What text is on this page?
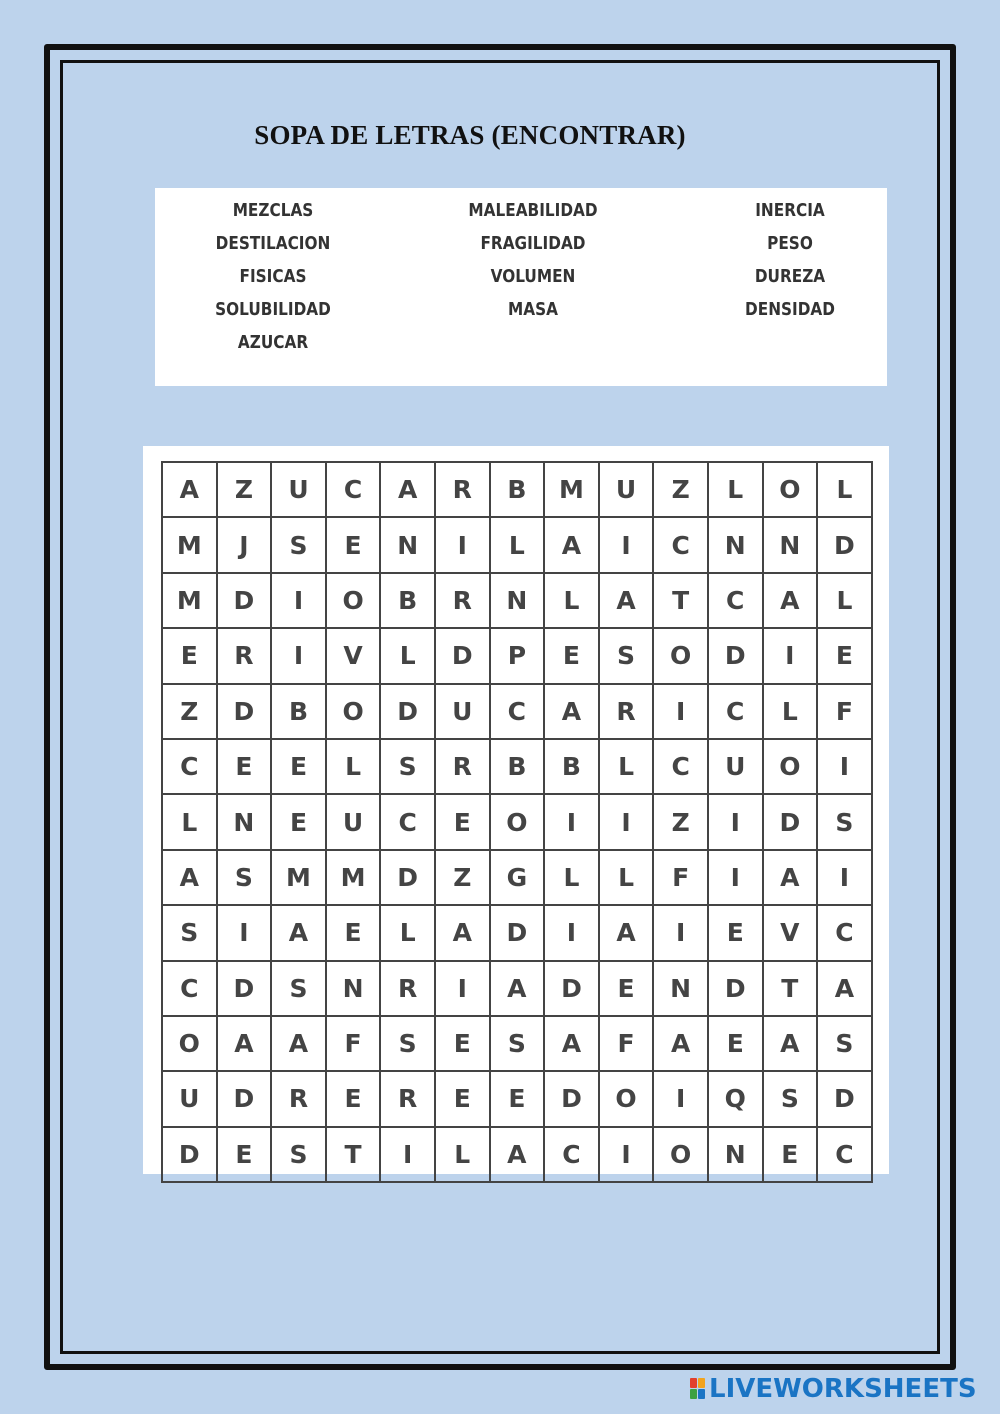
SOPA DE LETRAS (ENCONTRAR)
MEZCLAS
DESTILACION
FISICAS
SOLUBILIDAD
AZUCAR
MALEABILIDAD
FRAGILIDAD
VOLUMEN
MASA
INERCIA
PESO
DUREZA
DENSIDAD
A	Z	U	C	A	R	B	M	U	Z	L	O	L
M	J	S	E	N	I	L	A	I	C	N	N	D
M	D	I	O	B	R	N	L	A	T	C	A	L
E	R	I	V	L	D	P	E	S	O	D	I	E
Z	D	B	O	D	U	C	A	R	I	C	L	F
C	E	E	L	S	R	B	B	L	C	U	O	I
L	N	E	U	C	E	O	I	I	Z	I	D	S
A	S	M	M	D	Z	G	L	L	F	I	A	I
S	I	A	E	L	A	D	I	A	I	E	V	C
C	D	S	N	R	I	A	D	E	N	D	T	A
O	A	A	F	S	E	S	A	F	A	E	A	S
U	D	R	E	R	E	E	D	O	I	Q	S	D
D	E	S	T	I	L	A	C	I	O	N	E	C
LIVEWORKSHEETS
